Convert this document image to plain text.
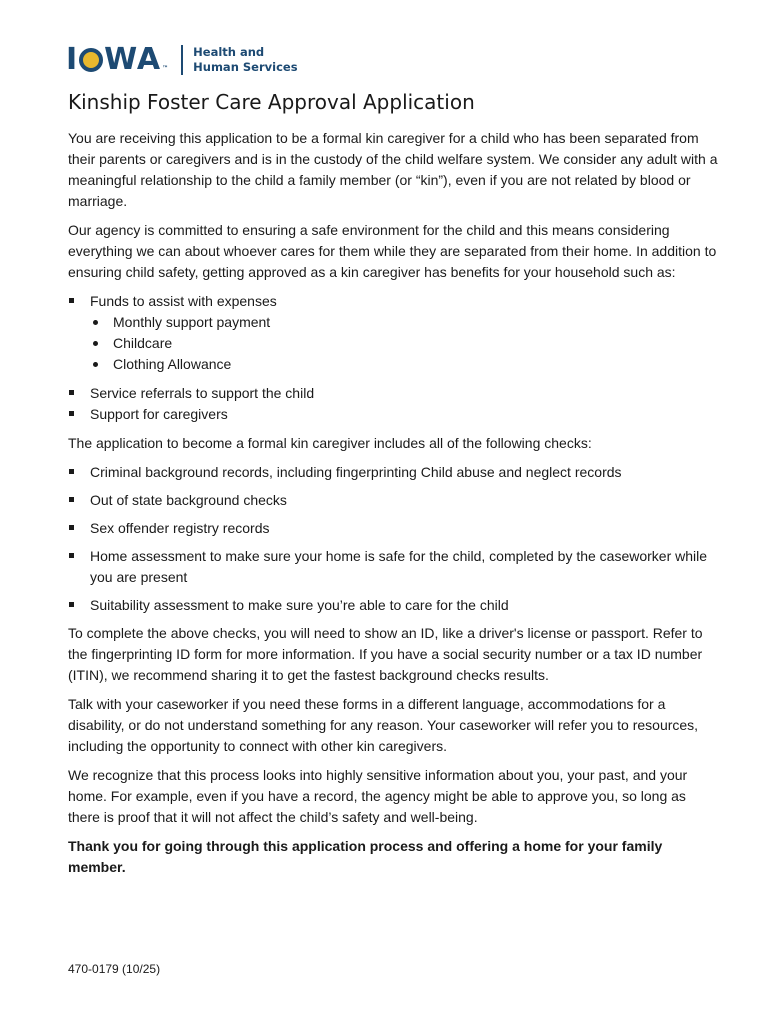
I WA ™
Health and
Human Services
Kinship Foster Care Approval Application

You are receiving this application to be a formal kin caregiver for a child who has been separated from their parents or caregivers and is in the custody of the child welfare system. We consider any adult with a meaningful relationship to the child a family member (or “kin”), even if you are not related by blood or marriage.

Our agency is committed to ensuring a safe environment for the child and this means considering everything we can about whoever cares for them while they are separated from their home. In addition to ensuring child safety, getting approved as a kin caregiver has benefits for your household such as:

Funds to assist with expenses
Monthly support payment
Childcare
Clothing Allowance
Service referrals to support the child
Support for caregivers

The application to become a formal kin caregiver includes all of the following checks:

Criminal background records, including fingerprinting Child abuse and neglect records
Out of state background checks
Sex offender registry records
Home assessment to make sure your home is safe for the child, completed by the caseworker while you are present
Suitability assessment to make sure you’re able to care for the child

To complete the above checks, you will need to show an ID, like a driver's license or passport. Refer to the fingerprinting ID form for more information. If you have a social security number or a tax ID number (ITIN), we recommend sharing it to get the fastest background checks results.

Talk with your caseworker if you need these forms in a different language, accommodations for a disability, or do not understand something for any reason. Your caseworker will refer you to resources, including the opportunity to connect with other kin caregivers.

We recognize that this process looks into highly sensitive information about you, your past, and your home. For example, even if you have a record, the agency might be able to approve you, so long as there is proof that it will not affect the child’s safety and well-being.

Thank you for going through this application process and offering a home for your family member.

470-0179 (10/25)
